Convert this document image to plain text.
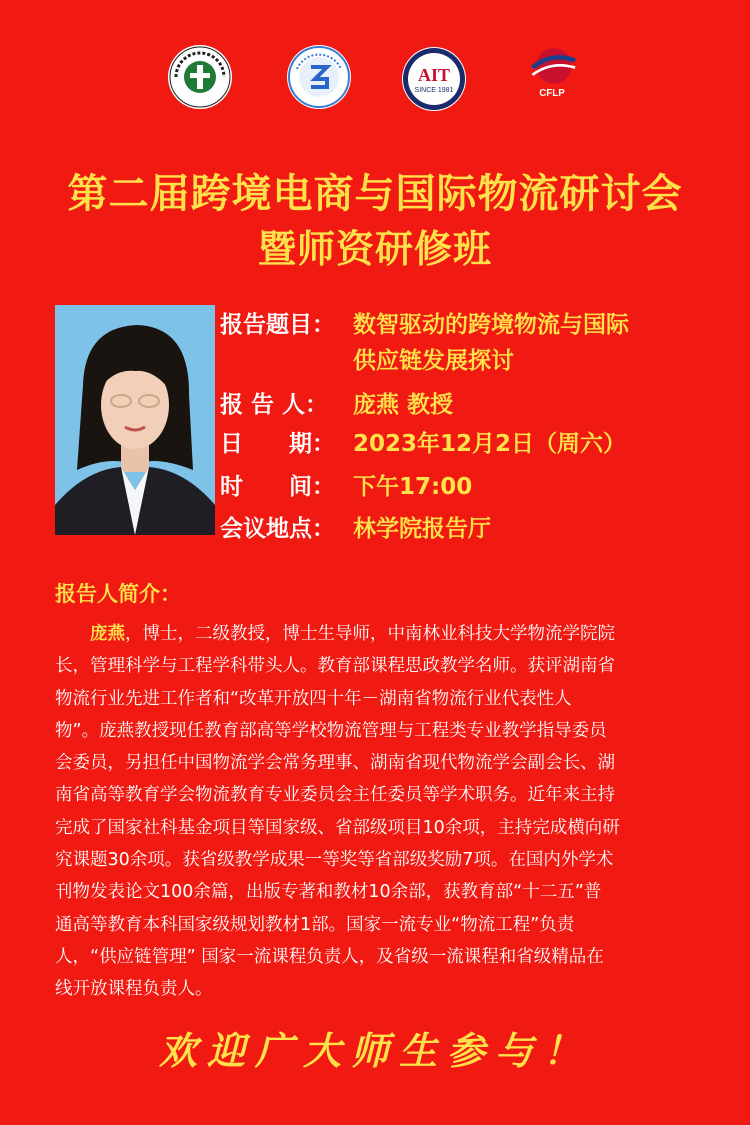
AIT
SINCE 1981	CFLP
第二届跨境电商与国际物流研讨会
暨师资研修班
报告题目： 数智驱动的跨境物流与国际
供应链发展探讨
报 告 人： 庞燕 教授
日　　期： 2023年12月2日（周六）
时　　间： 下午17:00
会议地点： 林学院报告厅
报告人简介：
　　庞燕，博士，二级教授，博士生导师，中南林业科技大学物流学院院
长，管理科学与工程学科带头人。教育部课程思政教学名师。获评湖南省
物流行业先进工作者和“改革开放四十年－湖南省物流行业代表性人
物”。庞燕教授现任教育部高等学校物流管理与工程类专业教学指导委员
会委员，另担任中国物流学会常务理事、湖南省现代物流学会副会长、湖
南省高等教育学会物流教育专业委员会主任委员等学术职务。近年来主持
完成了国家社科基金项目等国家级、省部级项目10余项，主持完成横向研
究课题30余项。获省级教学成果一等奖等省部级奖励7项。在国内外学术
刊物发表论文100余篇，出版专著和教材10余部，获教育部“十二五”普
通高等教育本科国家级规划教材1部。国家一流专业“物流工程”负责
人，“供应链管理” 国家一流课程负责人，及省级一流课程和省级精品在
线开放课程负责人。
欢迎广大师生参与！
